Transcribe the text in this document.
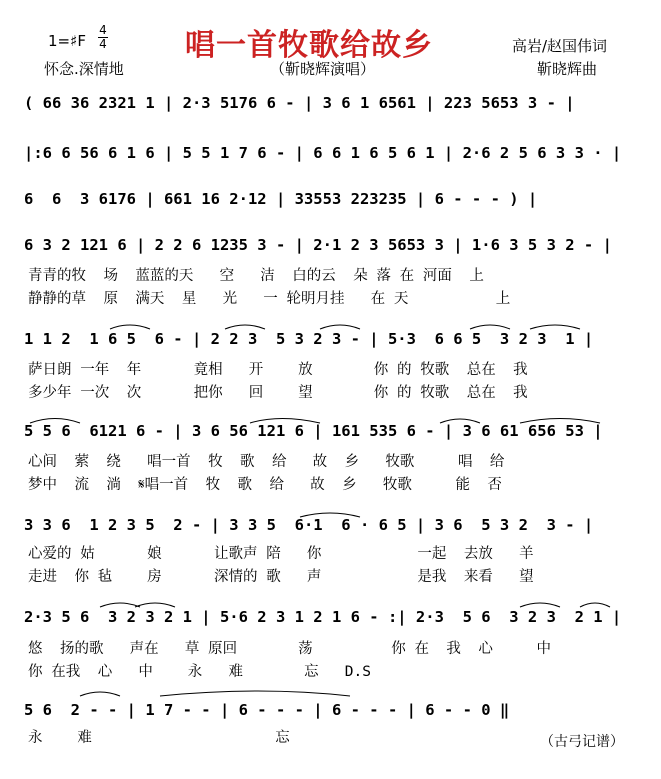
唱一首牧歌给故乡
1=♯F
4
4
怀念.深情地	（靳晓辉演唱）
高岩/赵国伟词
靳晓辉曲
( 66 36 2321 1 | 2·3 5176 6 - | 3 6 1 6561 | 223 5653 3 - |
|:6 6 56 6 1 6 | 5 5 1 7 6 - | 6 6 1 6 5 6 1 | 2·6 2 5 6 3 3 · |
6  6  3 6176 | 661 16 2·12 | 33553 223235 | 6 - - - ) |
6 3 2 121 6 | 2 2 6 1235 3 - | 2·1 2 3 5653 3 | 1·6 3 5 3 2 - |
青青的牧  场  蓝蓝的天   空   洁  白的云  朵 落 在 河面  上
静静的草  原  满天  星   光   一 轮明月挂   在 天          上
1 1 2  1 6 5  6 - | 2 2 3  5 3 2 3 - | 5·3  6 6 5  3 2 3  1 |
萨日朗 一年  年      竟相   开    放       你 的 牧歌  总在  我
多少年 一次  次      把你   回    望       你 的 牧歌  总在  我
5 5 6  6121 6 - | 3 6 56 121 6 | 161 535 6 - | 3 6 61 656 53 |
心间  萦  绕   唱一首  牧  歌  给   故  乡   牧歌     唱  给
梦中  流  淌  𝄋唱一首  牧  歌  给   故  乡   牧歌     能  否
3 3 6  1 2 3 5  2 - | 3 3 5  6·1  6 · 6 5 | 3 6  5 3 2  3 - |
心爱的 姑      娘      让歌声 陪   你           一起  去放   羊
走进  你 毡    房      深情的 歌   声           是我  来看   望
2·3 5 6  3 2 3 2 1 | 5·6 2 3 1 2 1 6 - :| 2·3  5 6  3 2 3  2 1 |
悠  扬的歌   声在   草 原回       荡         你 在  我  心     中
你 在我  心   中    永   难       忘   D.S
5 6  2 - - | 1 7 - - | 6 - - - | 6 - - - | 6 - - 0 ‖
永    难                     忘	（古弓记谱）
